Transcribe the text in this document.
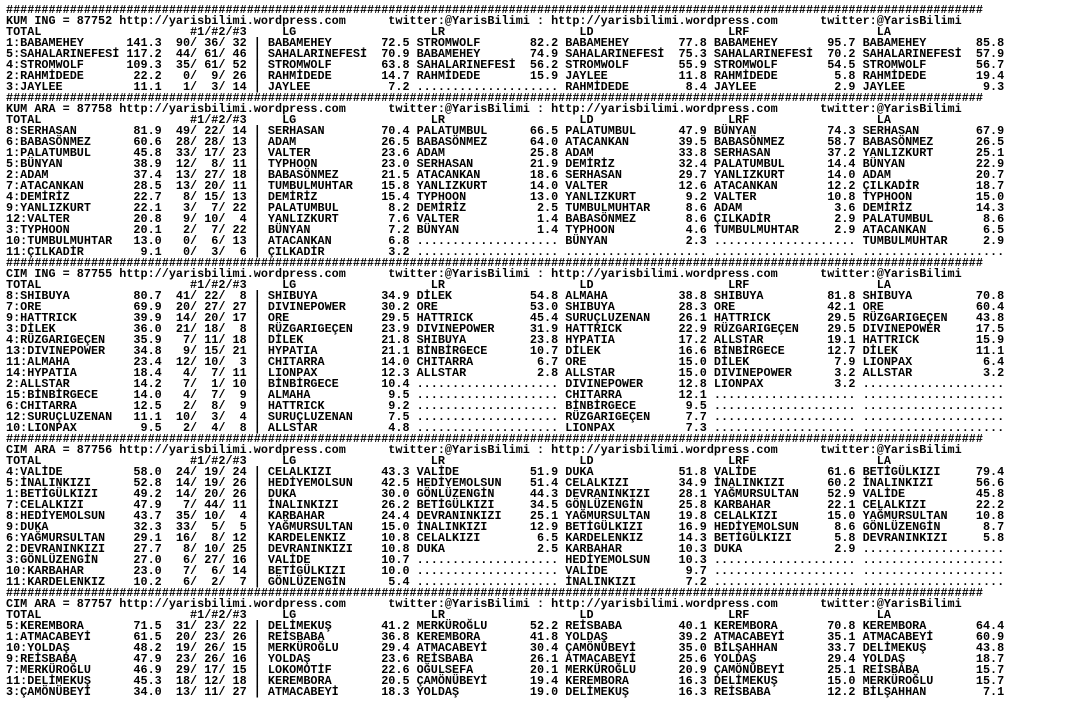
##########################################################################################################################################
KUM ING = 87752 http://yarisbilimi.wordpress.com      twitter:@YarisBilimi : http://yarisbilimi.wordpress.com      twitter:@YarisBilimi
TOTAL                     #1/#2/#3     LG                   LR                   LD                   LRF                  LA
1:BABAMEHEY      141.3  90/ 36/ 32 | BABAMEHEY       72.5 STROMWOLF       82.2 BABAMEHEY       77.8 BABAMEHEY       95.7 BABAMEHEY       85.8
5:SAHALARINEFESİ 117.2  44/ 61/ 46 | SAHALARINEFESİ  70.9 BABAMEHEY       74.9 SAHALARINEFESİ  75.3 SAHALARINEFESİ  70.2 SAHALARINEFESİ  57.9
4:STROMWOLF      109.3  35/ 61/ 52 | STROMWOLF       63.8 SAHALARINEFESİ  56.2 STROMWOLF       55.9 STROMWOLF       54.5 STROMWOLF       56.7
2:RAHMİDEDE       22.2   0/  9/ 26 | RAHMİDEDE       14.7 RAHMİDEDE       15.9 JAYLEE          11.8 RAHMİDEDE        5.8 RAHMİDEDE       19.4
3:JAYLEE          11.1   1/  3/ 14 | JAYLEE           7.2 .................... RAHMİDEDE        8.4 JAYLEE           2.9 JAYLEE           9.3
##########################################################################################################################################
KUM ARA = 87758 http://yarisbilimi.wordpress.com      twitter:@YarisBilimi : http://yarisbilimi.wordpress.com      twitter:@YarisBilimi
TOTAL                     #1/#2/#3     LG                   LR                   LD                   LRF                  LA
8:SERHASAN        81.9  49/ 22/ 14 | SERHASAN        70.4 PALATUMBUL      66.5 PALATUMBUL      47.9 BÜNYAN          74.3 SERHASAN        67.9
6:BABASÖNMEZ      60.6  28/ 28/ 13 | ADAM            26.5 BABASÖNMEZ      64.0 ATACANKAN       39.5 BABASÖNMEZ      58.7 BABASÖNMEZ      26.5
1:PALATUMBUL      45.8  33/ 17/ 23 | VALTER          23.6 ADAM            25.8 ADAM            33.8 SERHASAN        37.2 YANLIZKURT      25.1
5:BÜNYAN          38.9  12/  8/ 11 | TYPHOON         23.0 SERHASAN        21.9 DEMİRİZ         32.4 PALATUMBUL      14.4 BÜNYAN          22.9
2:ADAM            37.4  13/ 27/ 18 | BABASÖNMEZ      21.5 ATACANKAN       18.6 SERHASAN        29.7 YANLIZKURT      14.0 ADAM            20.7
7:ATACANKAN       28.5  13/ 20/ 11 | TUMBULMUHTAR    15.8 YANLIZKURT      14.0 VALTER          12.6 ATACANKAN       12.2 ÇILKADİR        18.7
4:DEMİRİZ         22.7   8/ 15/ 13 | DEMİRİZ         15.4 TYPHOON         13.0 YANLIZKURT       9.2 VALTER          10.8 TYPHOON         15.0
9:YANLIZKURT      22.1   3/  7/ 22 | PALATUMBUL       8.2 DEMİRİZ          2.5 TUMBULMUHTAR     8.6 ADAM             3.6 DEMİRİZ         14.3
12:VALTER         20.8   9/ 10/  4 | YANLIZKURT       7.6 VALTER           1.4 BABASÖNMEZ       8.6 ÇILKADİR         2.9 PALATUMBUL       8.6
3:TYPHOON         20.1   2/  7/ 22 | BÜNYAN           7.2 BÜNYAN           1.4 TYPHOON          4.6 TUMBULMUHTAR     2.9 ATACANKAN        6.5
10:TUMBULMUHTAR   13.0   0/  6/ 13 | ATACANKAN        6.8 .................... BÜNYAN           2.3 .................... TUMBULMUHTAR     2.9
11:ÇILKADİR        9.1   0/  3/  6 | ÇILKADİR         3.2 .................... .................... .................... ....................
##########################################################################################################################################
CIM ING = 87755 http://yarisbilimi.wordpress.com      twitter:@YarisBilimi : http://yarisbilimi.wordpress.com      twitter:@YarisBilimi
TOTAL                     #1/#2/#3     LG                   LR                   LD                   LRF                  LA
8:SHIBUYA         80.7  41/ 22/  8 | SHIBUYA         34.9 DİLEK           54.8 ALMAHA          38.8 SHIBUYA         81.8 SHIBUYA         70.8
7:ORE             69.9  20/ 27/ 27 | DIVINEPOWER     30.2 ORE             53.0 SHIBUYA         28.3 ORE             42.1 ORE             60.4
9:HATTRICK        39.9  14/ 20/ 17 | ORE             29.5 HATTRICK        45.4 SURUÇLUZENAN    26.1 HATTRICK        29.5 RÜZGARIGEÇEN    43.8
3:DİLEK           36.0  21/ 18/  8 | RÜZGARIGEÇEN    23.9 DIVINEPOWER     31.9 HATTRICK        22.9 RÜZGARIGEÇEN    29.5 DIVINEPOWER     17.5
4:RÜZGARIGEÇEN    35.9   7/ 11/ 18 | DİLEK           21.8 SHIBUYA         23.8 HYPATIA         17.2 ALLSTAR         19.1 HATTRICK        15.9
13:DIVINEPOWER    34.8   9/ 15/ 21 | HYPATIA         21.1 BİNBİRGECE      10.7 DİLEK           16.6 BİNBİRGECE      12.7 DİLEK           11.1
11:ALMAHA         23.4  12/ 10/  3 | CHITARRA        14.0 CHITARRA         6.7 ORE             15.0 DİLEK            7.9 LIONPAX          6.4
14:HYPATIA        18.4   4/  7/ 11 | LIONPAX         12.3 ALLSTAR          2.8 ALLSTAR         15.0 DIVINEPOWER      3.2 ALLSTAR          3.2
2:ALLSTAR         14.2   7/  1/ 10 | BİNBİRGECE      10.4 .................... DIVINEPOWER     12.8 LIONPAX          3.2 ....................
15:BİNBİRGECE     14.0   4/  7/  9 | ALMAHA           9.5 .................... CHITARRA        12.1 .................... ....................
6:CHITARRA        12.5   2/  8/  9 | HATTRICK         9.2 .................... BİNBİRGECE       9.5 .................... ....................
12:SURUÇLUZENAN   11.1  10/  3/  4 | SURUÇLUZENAN     7.5 .................... RÜZGARIGEÇEN     7.7 .................... ....................
10:LIONPAX         9.5   2/  4/  8 | ALLSTAR          4.8 .................... LIONPAX          7.3 .................... ....................
##########################################################################################################################################
CIM ARA = 87756 http://yarisbilimi.wordpress.com      twitter:@YarisBilimi : http://yarisbilimi.wordpress.com      twitter:@YarisBilimi
TOTAL                     #1/#2/#3     LG                   LR                   LD                   LRF                  LA
4:VALİDE          58.0  24/ 19/ 24 | CELALKIZI       43.3 VALİDE          51.9 DUKA            51.8 VALİDE          61.6 BETİGÜLKIZI     79.4
5:İNALINKIZI      52.8  14/ 19/ 26 | HEDİYEMOLSUN    42.5 HEDİYEMOLSUN    51.4 CELALKIZI       34.9 İNALINKIZI      60.2 İNALINKIZI      56.6
1:BETİGÜLKIZI     49.2  14/ 20/ 26 | DUKA            30.0 GÖNLÜZENGİN     44.3 DEVRANINKIZI    28.1 YAĞMURSULTAN    52.9 VALİDE          45.8
7:CELALKIZI       47.9   7/ 44/ 11 | İNALINKIZI      26.2 BETİGÜLKIZI     34.5 GÖNLÜZENGİN     25.8 KARBAHAR        22.1 CELALKIZI       22.2
8:HEDİYEMOLSUN    43.7  35/ 10/  4 | KARBAHAR        24.4 DEVRANINKIZI    25.1 YAĞMURSULTAN    19.8 CELALKIZI       15.0 YAĞMURSULTAN    10.8
9:DUKA            32.3  33/  5/  5 | YAĞMURSULTAN    15.0 İNALINKIZI      12.9 BETİGÜLKIZI     16.9 HEDİYEMOLSUN     8.6 GÖNLÜZENGİN      8.7
6:YAĞMURSULTAN    29.1  16/  8/ 12 | KARDELENKIZ     10.8 CELALKIZI        6.5 KARDELENKIZ     14.3 BETİGÜLKIZI      5.8 DEVRANINKIZI     5.8
2:DEVRANINKIZI    27.7   8/ 10/ 25 | DEVRANINKIZI    10.8 DUKA             2.5 KARBAHAR        10.3 DUKA             2.9 ....................
3:GÖNLÜZENGİN     27.0   6/ 27/ 16 | VALİDE          10.7 .................... HEDİYEMOLSUN    10.3 .................... ....................
10:KARBAHAR       23.0   7/  6/ 14 | BETİGÜLKIZI     10.0 .................... VALİDE           9.7 .................... ....................
11:KARDELENKIZ    10.2   6/  2/  7 | GÖNLÜZENGİN      5.4 .................... İNALINKIZI       7.2 .................... ....................
##########################################################################################################################################
CIM ARA = 87757 http://yarisbilimi.wordpress.com      twitter:@YarisBilimi : http://yarisbilimi.wordpress.com      twitter:@YarisBilimi
TOTAL                     #1/#2/#3     LG                   LR                   LD                   LRF                  LA
5:KEREMBORA       71.5  31/ 23/ 22 | DELİMEKUŞ       41.2 MERKÜROĞLU      52.2 REİSBABA        40.1 KEREMBORA       70.8 KEREMBORA       64.4
1:ATMACABEYİ      61.5  20/ 23/ 26 | REİSBABA        36.8 KEREMBORA       41.8 YOLDAŞ          39.2 ATMACABEYİ      35.1 ATMACABEYİ      60.9
10:YOLDAŞ         48.2  19/ 26/ 15 | MERKÜROĞLU      29.4 ATMACABEYİ      30.4 ÇAMÖNÜBEYİ      35.0 BİLŞAHHAN       33.7 DELİMEKUŞ       43.8
9:REİSBABA        47.9  23/ 26/ 16 | YOLDAŞ          23.6 REİSBABA        26.1 ATMACABEYİ      25.6 YOLDAŞ          29.4 YOLDAŞ          18.7
7:MERKÜROĞLU      46.9  29/ 17/ 15 | LOKOMOTİF       22.6 OĞULSEFA        20.1 MERKÜROĞLU      20.9 ÇAMÖNÜBEYİ      25.1 REİSBABA        15.7
11:DELİMEKUŞ      45.3  18/ 12/ 18 | KEREMBORA       20.5 ÇAMÖNÜBEYİ      19.4 KEREMBORA       16.3 DELİMEKUŞ       15.0 MERKÜROĞLU      15.7
3:ÇAMÖNÜBEYİ      34.0  13/ 11/ 27 | ATMACABEYİ      18.3 YOLDAŞ          19.0 DELİMEKUŞ       16.3 REİSBABA        12.2 BİLŞAHHAN        7.1
